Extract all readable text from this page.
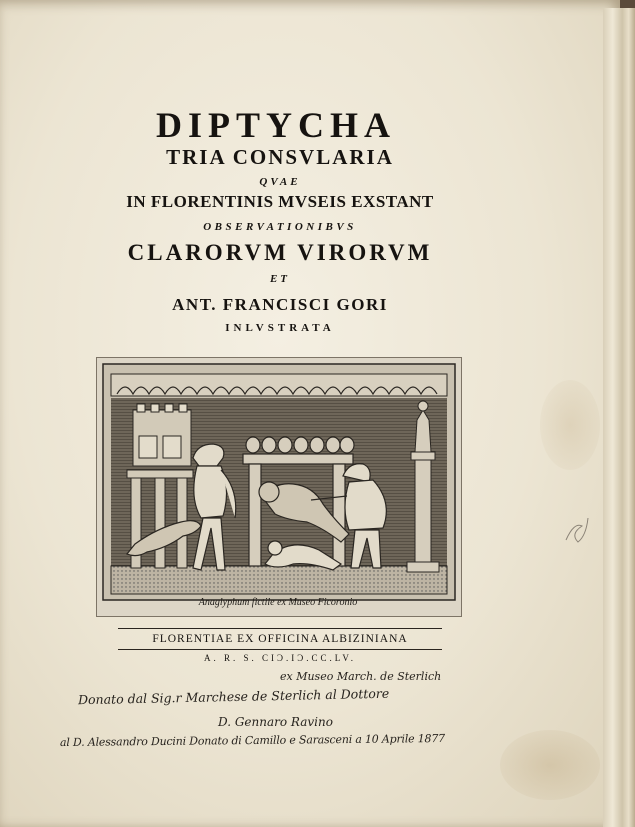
DIPTYCHA
TRIA CONSVLARIA
QVAE
IN FLORENTINIS MVSEIS EXSTANT
OBSERVATIONIBVS
CLARORVM VIRORVM
ET
ANT. FRANCISCI GORI
INLVSTRATA
Anaglyphum fictile ex Museo Ficoronio
FLORENTIAE EX OFFICINA ALBIZINIANA
A. R. S. CIƆ.IƆ.CC.LV.
ex Museo March. de Sterlich
Donato dal Sig.r Marchese de Sterlich al Dottore
D. Gennaro Ravino
al D. Alessandro Ducini Donato di Camillo e Sarasceni a 10 Aprile 1877
